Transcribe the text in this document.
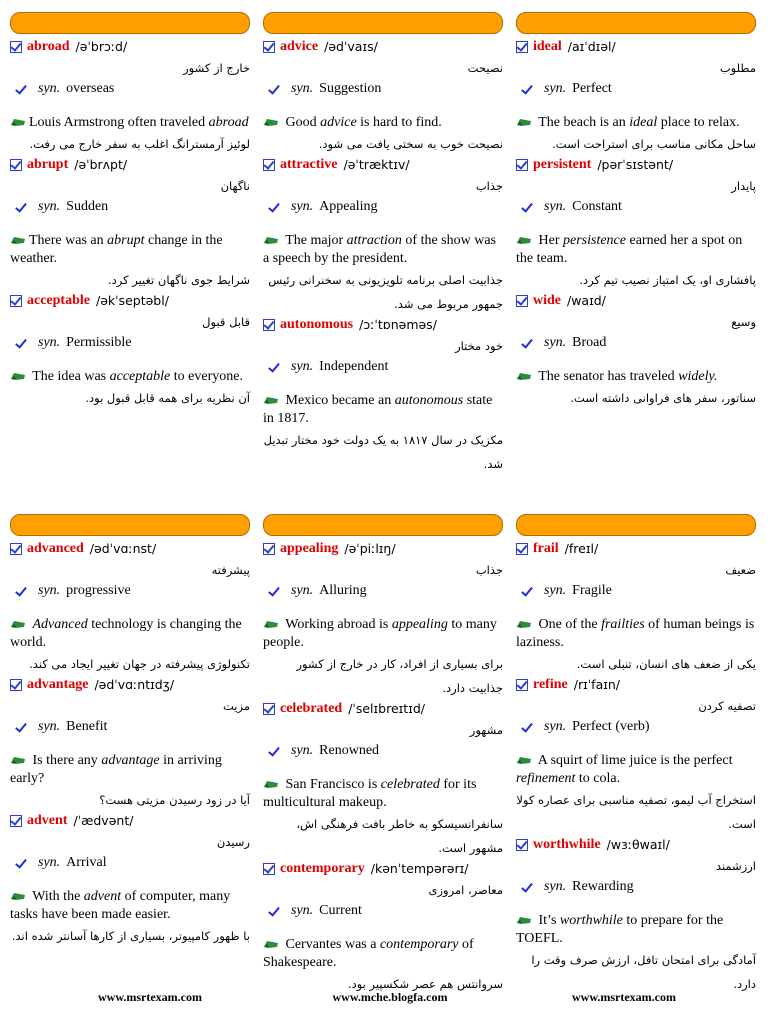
abroad /əˈbrɔːd/
خارج از کشور
syn. overseas
Louis Armstrong often traveled abroad
لوئیز آرمسترانگ اغلب به سفر خارج می رفت.
abrupt /əˈbrʌpt/
ناگهان
syn. Sudden
There was an abrupt change in the weather.
شرایط جوی ناگهان تغییر کرد.
acceptable /əkˈseptəbl/
قابل قبول
syn. Permissible
The idea was acceptable to everyone.
آن نظریه برای همه قابل قبول بود.
advice /ədˈvaɪs/
نصیحت
syn. Suggestion
Good advice is hard to find.
نصیحت خوب به سختی یافت می شود.
attractive /əˈtræktɪv/
جذاب
syn. Appealing
The major attraction of the show was a speech by the president.
جذابیت اصلی برنامه تلویزیونی به سخنرانی رئیس جمهور مربوط می شد.
autonomous /ɔːˈtɒnəməs/
خود مختار
syn. Independent
Mexico became an autonomous state in 1817.
مکزیک در سال ۱۸۱۷ به یک دولت خود مختار تبدیل شد.
ideal /aɪˈdɪəl/
مطلوب
syn. Perfect
The beach is an ideal place to relax.
ساحل مکانی مناسب برای استراحت است.
persistent /pərˈsɪstənt/
پایدار
syn. Constant
Her persistence earned her a spot on the team.
پافشاری او، یک امتیاز نصیب تیم کرد.
wide /waɪd/
وسیع
syn. Broad
The senator has traveled widely.
سناتور، سفر های فراوانی داشته است.
advanced /ədˈvɑːnst/
پیشرفته
syn. progressive
Advanced technology is changing the world.
تکنولوژی پیشرفته در جهان تغییر ایجاد می کند.
advantage /ədˈvɑːntɪdʒ/
مزیت
syn. Benefit
Is there any advantage in arriving early?
آیا در زود رسیدن مزیتی هست؟
advent /ˈædvənt/
رسیدن
syn. Arrival
With the advent of computer, many tasks have been made easier.
با ظهور کامپیوتر، بسیاری از کارها آسانتر شده اند.
appealing /əˈpiːlɪŋ/
جذاب
syn. Alluring
Working abroad is appealing to many people.
برای بسیاری از افراد، کار در خارج از کشور جذابیت دارد.
celebrated /ˈselɪbreɪtɪd/
مشهور
syn. Renowned
San Francisco is celebrated for its multicultural makeup.
سانفرانسیسکو به خاطر بافت فرهنگی اش، مشهور است.
contemporary /kənˈtempərərɪ/
معاصر، امروزی
syn. Current
Cervantes was a contemporary of Shakespeare.
سروانتس هم عصر شکسپیر بود.
frail /freɪl/
ضعیف
syn. Fragile
One of the frailties of human beings is laziness.
یکی از ضعف های انسان، تنبلی است.
refine /rɪˈfaɪn/
تصفیه کردن
syn. Perfect (verb)
A squirt of lime juice is the perfect refinement to cola.
استخراج آب لیمو، تصفیه مناسبی برای عصاره کولا است.
worthwhile /wɜːθwaɪl/
ارزشمند
syn. Rewarding
It’s worthwhile to prepare for the TOEFL.
آمادگی برای امتحان تافل، ارزش صرف وقت را دارد.
www.msrtexam.com	www.mche.blogfa.com	www.msrtexam.com
